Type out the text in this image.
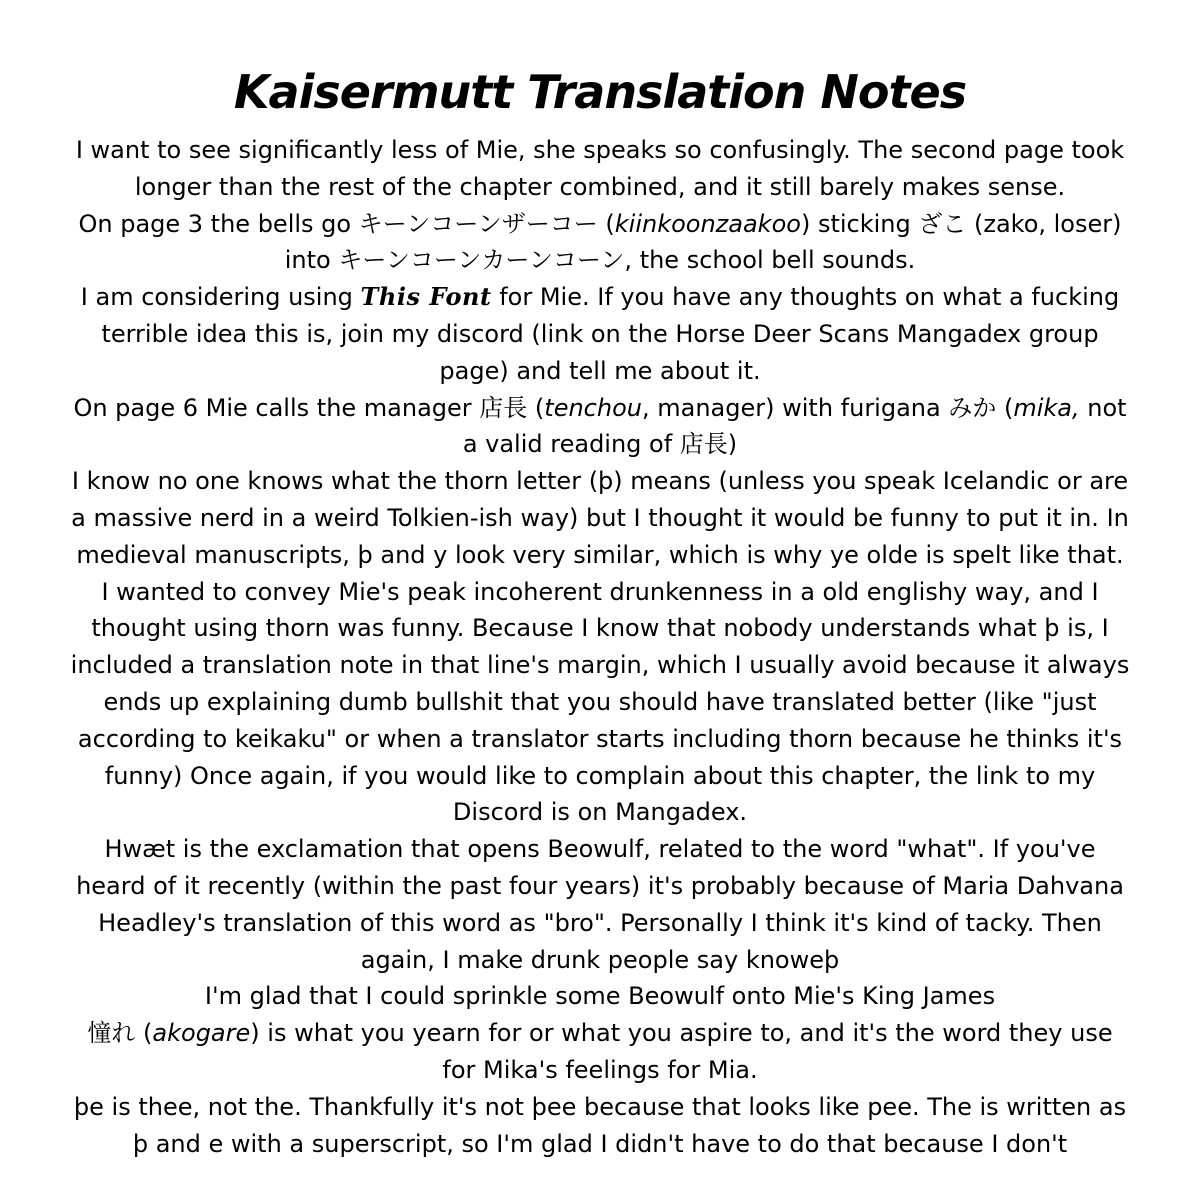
Kaisermutt Translation Notes

I want to see significantly less of Mie, she speaks so confusingly. The second page took longer than the rest of the chapter combined, and it still barely makes sense.

On page 3 the bells go キーンコーンザーコー (kiinkoonzaakoo) sticking ざこ (zako, loser) into キーンコーンカーンコーン, the school bell sounds.

I am considering using This Font for Mie. If you have any thoughts on what a fucking terrible idea this is, join my discord (link on the Horse Deer Scans Mangadex group page) and tell me about it.

On page 6 Mie calls the manager 店長 (tenchou, manager) with furigana みか (mika, not a valid reading of 店長)

I know no one knows what the thorn letter (þ) means (unless you speak Icelandic or are a massive nerd in a weird Tolkien-ish way) but I thought it would be funny to put it in. In medieval manuscripts, þ and y look very similar, which is why ye olde is spelt like that. I wanted to convey Mie's peak incoherent drunkenness in a old englishy way, and I thought using thorn was funny. Because I know that nobody understands what þ is, I included a translation note in that line's margin, which I usually avoid because it always ends up explaining dumb bullshit that you should have translated better (like "just according to keikaku" or when a translator starts including thorn because he thinks it's funny) Once again, if you would like to complain about this chapter, the link to my Discord is on Mangadex.

Hwæt is the exclamation that opens Beowulf, related to the word "what". If you've heard of it recently (within the past four years) it's probably because of Maria Dahvana Headley's translation of this word as "bro". Personally I think it's kind of tacky. Then again, I make drunk people say knoweþ

I'm glad that I could sprinkle some Beowulf onto Mie's King James

憧れ (akogare) is what you yearn for or what you aspire to, and it's the word they use for Mika's feelings for Mia.

þe is thee, not the. Thankfully it's not þee because that looks like pee. The is written as þ and e with a superscript, so I'm glad I didn't have to do that because I don't
